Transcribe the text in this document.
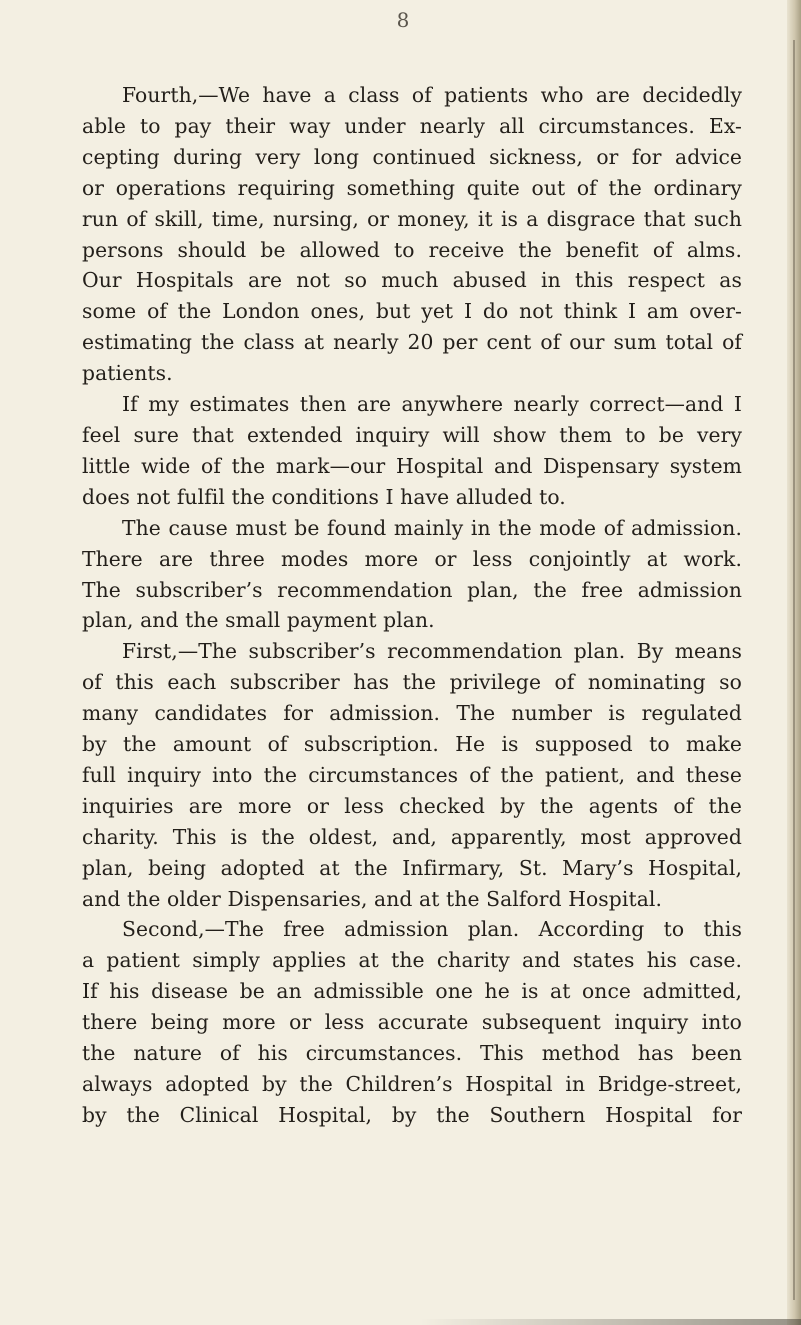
8
Fourth,—We have a class of patients who are decidedly
able to pay their way under nearly all circumstances. Ex-
cepting during very long continued sickness, or for advice
or operations requiring something quite out of the ordinary
run of skill, time, nursing, or money, it is a disgrace that such
persons should be allowed to receive the benefit of alms.
Our Hospitals are not so much abused in this respect as
some of the London ones, but yet I do not think I am over-
estimating the class at nearly 20 per cent of our sum total of
patients.
If my estimates then are anywhere nearly correct—and I
feel sure that extended inquiry will show them to be very
little wide of the mark—our Hospital and Dispensary system
does not fulfil the conditions I have alluded to.
The cause must be found mainly in the mode of admission.
There are three modes more or less conjointly at work.
The subscriber’s recommendation plan, the free admission
plan, and the small payment plan.
First,—The subscriber’s recommendation plan. By means
of this each subscriber has the privilege of nominating so
many candidates for admission. The number is regulated
by the amount of subscription. He is supposed to make
full inquiry into the circumstances of the patient, and these
inquiries are more or less checked by the agents of the
charity. This is the oldest, and, apparently, most approved
plan, being adopted at the Infirmary, St. Mary’s Hospital,
and the older Dispensaries, and at the Salford Hospital.
Second,—The free admission plan. According to this
a patient simply applies at the charity and states his case.
If his disease be an admissible one he is at once admitted,
there being more or less accurate subsequent inquiry into
the nature of his circumstances. This method has been
always adopted by the Children’s Hospital in Bridge-street,
by the Clinical Hospital, by the Southern Hospital for
